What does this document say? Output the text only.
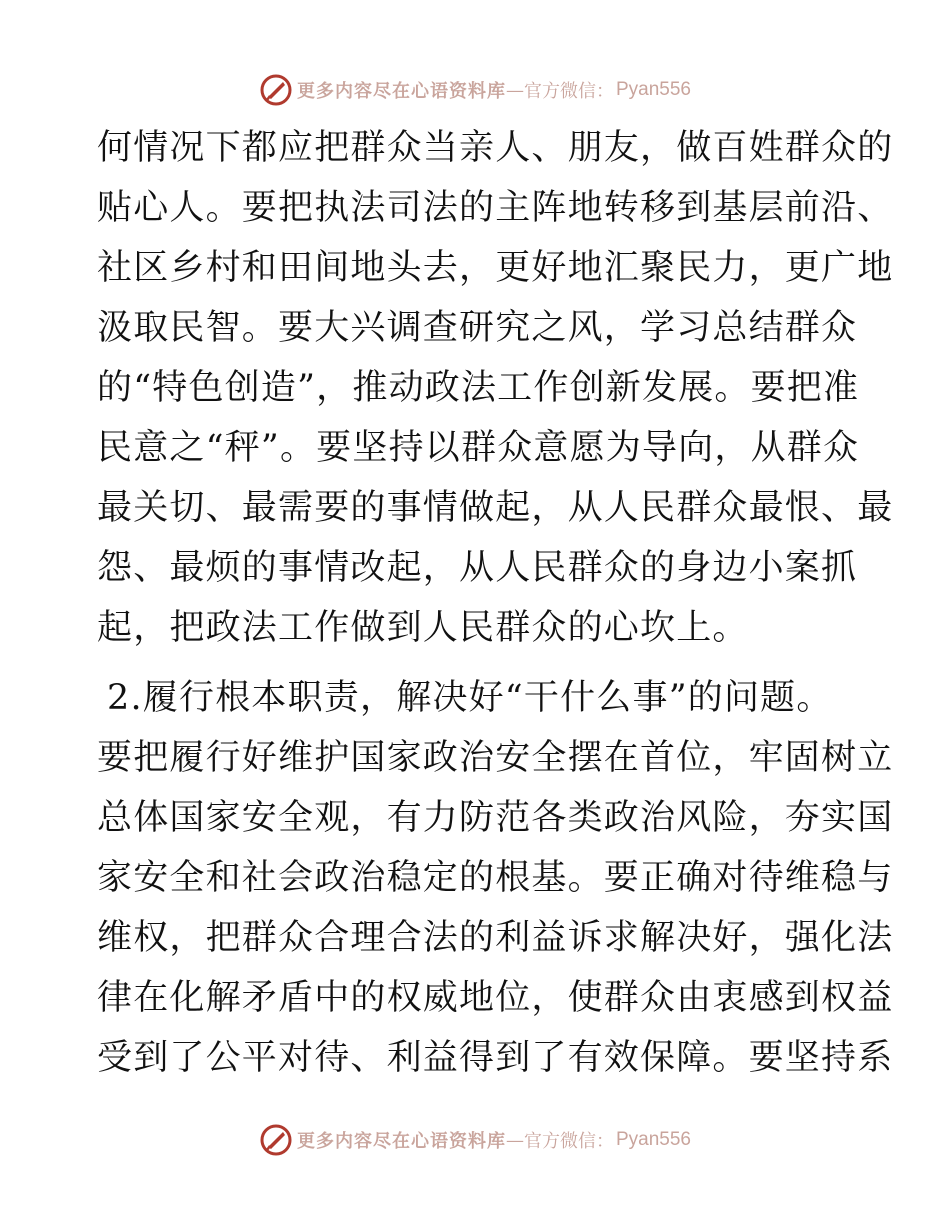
更多内容尽在心语资料库 — 官方微信： Pyan556
何情况下都应把群众当亲人、朋友，做百姓群众的
贴心人。要把执法司法的主阵地转移到基层前沿、
社区乡村和田间地头去，更好地汇聚民力，更广地
汲取民智。要大兴调查研究之风，学习总结群众
的“特色创造”，推动政法工作创新发展。要把准
民意之“秤”。要坚持以群众意愿为导向，从群众
最关切、最需要的事情做起，从人民群众最恨、最
怨、最烦的事情改起，从人民群众的身边小案抓
起，把政法工作做到人民群众的心坎上。
2.履行根本职责，解决好“干什么事”的问题。
要把履行好维护国家政治安全摆在首位，牢固树立
总体国家安全观，有力防范各类政治风险，夯实国
家安全和社会政治稳定的根基。要正确对待维稳与
维权，把群众合理合法的利益诉求解决好，强化法
律在化解矛盾中的权威地位，使群众由衷感到权益
受到了公平对待、利益得到了有效保障。要坚持系
更多内容尽在心语资料库 — 官方微信： Pyan556
